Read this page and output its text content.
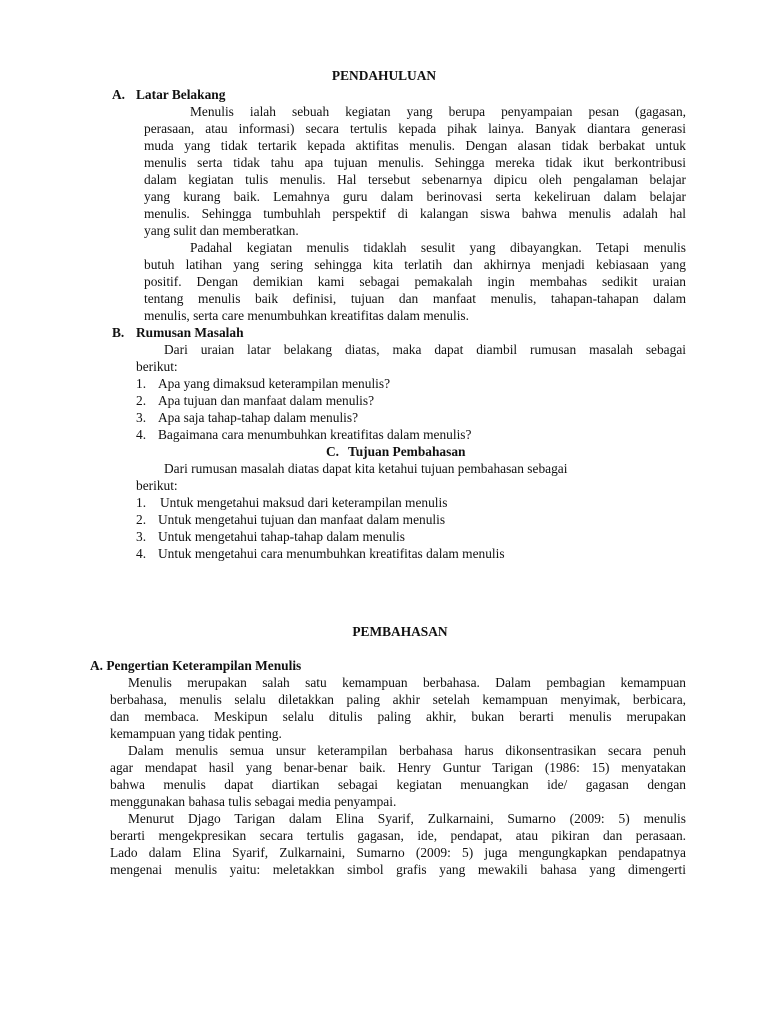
PENDAHULUAN
A. Latar Belakang
Menulis ialah sebuah kegiatan yang berupa penyampaian pesan (gagasan,
perasaan, atau informasi) secara tertulis kepada pihak lainya. Banyak diantara generasi
muda yang tidak tertarik kepada aktifitas menulis. Dengan alasan tidak berbakat untuk
menulis serta tidak tahu apa tujuan menulis. Sehingga mereka tidak ikut berkontribusi
dalam kegiatan tulis menulis. Hal tersebut sebenarnya dipicu oleh pengalaman belajar
yang kurang baik. Lemahnya guru dalam berinovasi serta kekeliruan dalam belajar
menulis. Sehingga tumbuhlah perspektif di kalangan siswa bahwa menulis adalah hal
yang sulit dan memberatkan.
Padahal kegiatan menulis tidaklah sesulit yang dibayangkan. Tetapi menulis
butuh latihan yang sering sehingga kita terlatih dan akhirnya menjadi kebiasaan yang
positif. Dengan demikian kami sebagai pemakalah ingin membahas sedikit uraian
tentang menulis baik definisi, tujuan dan manfaat menulis, tahapan-tahapan dalam
menulis, serta care menumbuhkan kreatifitas dalam menulis.
B. Rumusan Masalah
Dari uraian latar belakang diatas, maka dapat diambil rumusan masalah sebagai
berikut:
1. Apa yang dimaksud keterampilan menulis?
2. Apa tujuan dan manfaat dalam menulis?
3. Apa saja tahap-tahap dalam menulis?
4. Bagaimana cara menumbuhkan kreatifitas dalam menulis?
C. Tujuan Pembahasan
Dari rumusan masalah diatas dapat kita ketahui tujuan pembahasan sebagai
berikut:
1. Untuk mengetahui maksud dari keterampilan menulis
2. Untuk mengetahui tujuan dan manfaat dalam menulis
3. Untuk mengetahui tahap-tahap dalam menulis
4. Untuk mengetahui cara menumbuhkan kreatifitas dalam menulis
PEMBAHASAN
A. Pengertian Keterampilan Menulis
Menulis merupakan salah satu kemampuan berbahasa. Dalam pembagian kemampuan
berbahasa, menulis selalu diletakkan paling akhir setelah kemampuan menyimak, berbicara,
dan membaca. Meskipun selalu ditulis paling akhir, bukan berarti menulis merupakan
kemampuan yang tidak penting.
Dalam menulis semua unsur keterampilan berbahasa harus dikonsentrasikan secara penuh
agar mendapat hasil yang benar-benar baik. Henry Guntur Tarigan (1986: 15) menyatakan
bahwa menulis dapat diartikan sebagai kegiatan menuangkan ide/ gagasan dengan
menggunakan bahasa tulis sebagai media penyampai.
Menurut Djago Tarigan dalam Elina Syarif, Zulkarnaini, Sumarno (2009: 5) menulis
berarti mengekpresikan secara tertulis gagasan, ide, pendapat, atau pikiran dan perasaan.
Lado dalam Elina Syarif, Zulkarnaini, Sumarno (2009: 5) juga mengungkapkan pendapatnya
mengenai menulis yaitu: meletakkan simbol grafis yang mewakili bahasa yang dimengerti
